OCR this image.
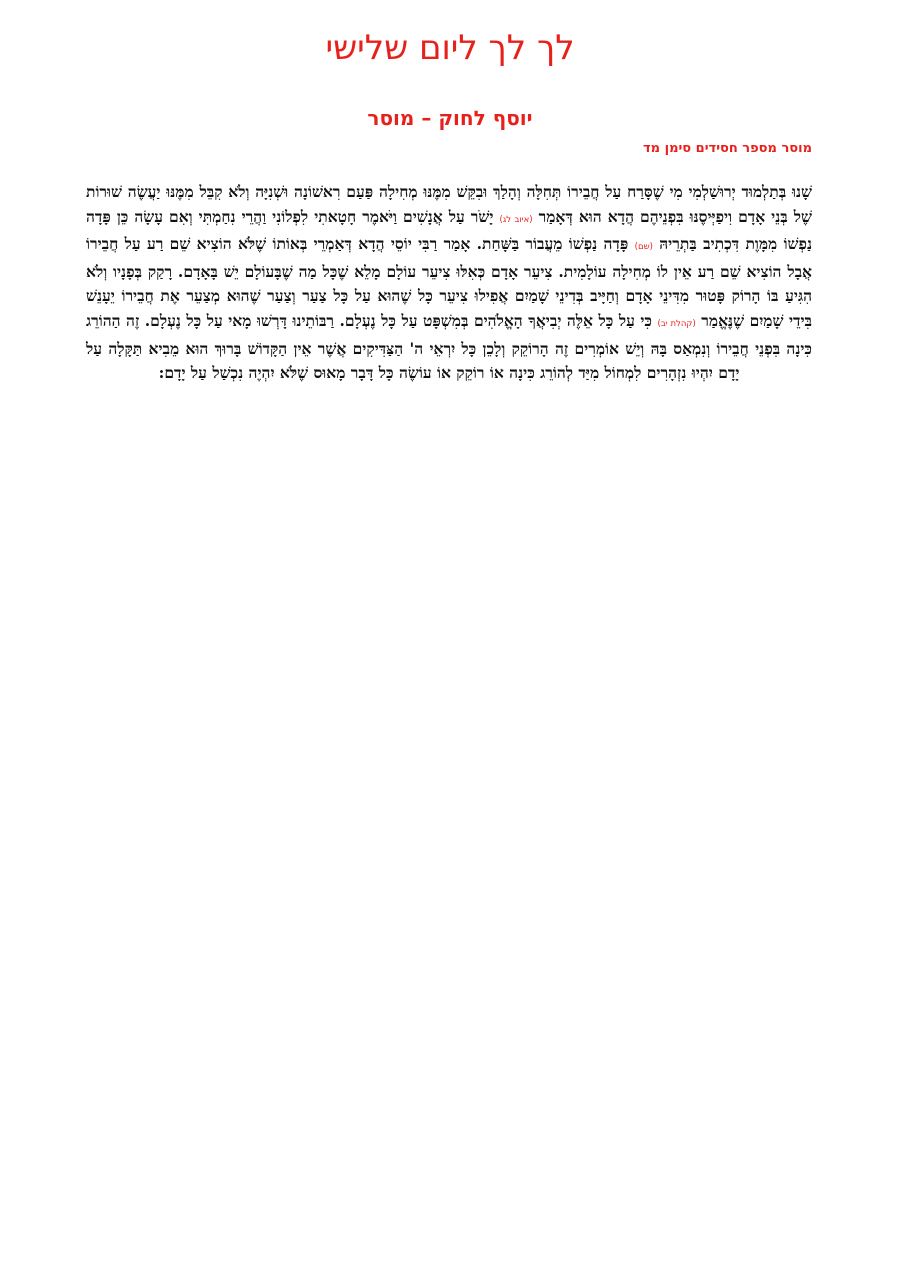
לך לך ליום שלישי
יוסף לחוק – מוסר
מוסר מספר חסידים סימן מד

שָׁנוּ בְּתַלְמוּד יְרוּשַׁלְמִי מִי שֶׁסָּרַח עַל חֲבֵירוֹ תְּחִלָּה וְהָלַךְ וּבִקֵּשׁ מִמֶּנּוּ מְחִילָה פַּעַם רִאשׁוֹנָה וּשְׁנִיָּה וְלֹא קִבֵּל מִמֶּנּוּ יַעֲשֶׂה שׁוּרוֹת שֶׁל בְּנֵי אָדָם וִיפַיְּיסֶנּוּ בִּפְנֵיהֶם הֲדָא הוּא דְּאָמַר (איוב לג) יָשֹׁר עַל אֲנָשִׁים וַיֹּאמֶר חָטָאתִי לִפְלוֹנִי וַהֲרֵי נִחַמְתִּי וְאִם עָשָׂה כֵּן פָּדָה נַפְשׁוֹ מִמָּוֶת דִּכְתִיב בַּתְרֵיהּ (שם) פָּדָה נַפְשׁוֹ מֵעֲבוֹר בַּשָּׁחַת. אָמַר רַבִּי יוֹסֵי הֲדָא דְּאַמְרֵי בְּאוֹתוֹ שֶׁלֹּא הוֹצִיא שֵׁם רַע עַל חֲבֵירוֹ אֲבָל הוֹצִיא שֵׁם רַע אֵין לוֹ מְחִילָה עוֹלָמִית. צִיעֵר אָדָם כְּאִלּוּ צִיעֵר עוֹלָם מָלֵא שֶׁכָּל מַה שֶׁבָּעוֹלָם יֵשׁ בָּאָדָם. רָקַק בְּפָנָיו וְלֹא הִגִּיעַ בּוֹ הָרוֹק פָּטוּר מִדִּינֵי אָדָם וְחַיָּיב בְּדִינֵי שָׁמַיִם אֲפִילוּ צִיעֵר כָּל שֶׁהוּא עַל כָּל צַעַר וְצַעַר שֶׁהוּא מְצַעֵר אֶת חֲבֵירוֹ יֵעָנֵשׁ בִּידֵי שָׁמַיִם שֶׁנֶּאֱמַר (קהלת יב) כִּי עַל כָּל אֵלֶּה יְבִיאֲךָ הָאֱלֹהִים בְּמִשְׁפָּט עַל כָּל נֶעְלָם. רַבּוֹתֵינוּ דָּרְשׁוּ מָאי עַל כָּל נֶעְלָם. זֶה הַהוֹרֵג כִּינָה בִּפְנֵי חֲבֵירוֹ וְנִמְאַס בָּהּ וְיֵשׁ אוֹמְרִים זֶה הָרוֹקֵק וְלָכֵן כָּל יִרְאֵי ה' הַצַּדִּיקִים אֲשֶׁר אֵין הַקָּדוֹשׁ בָּרוּךְ הוּא מֵבִיא תַּקָּלָה עַל יָדָם יִהְיוּ נִזְהָרִים לִמְחוֹל מִיַּד לְהוֹרֵג כִּינָה אוֹ רוֹקֵק אוֹ עוֹשֶׂה כָּל דָּבָר מָאוּס שֶׁלֹּא יִהְיֶה נִכְשַׁל עַל יָדָם:
